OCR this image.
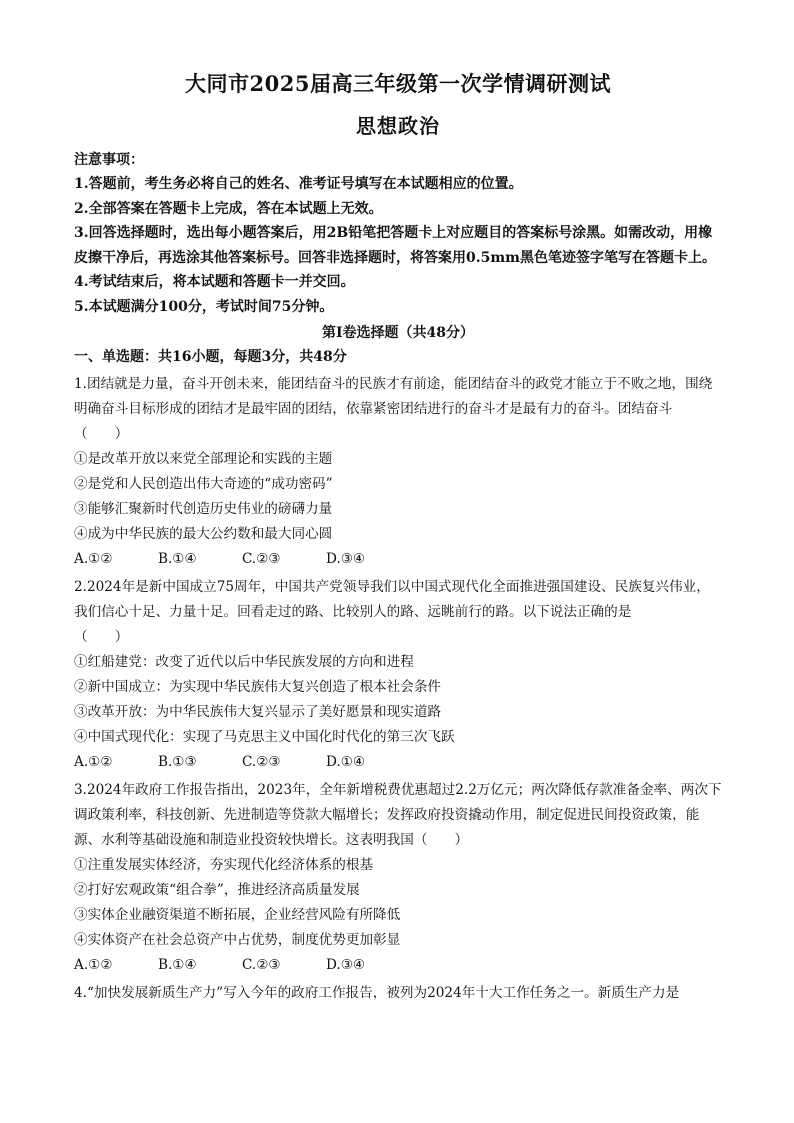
大同市2025届高三年级第一次学情调研测试
思想政治
注意事项：
1.答题前，考生务必将自己的姓名、准考证号填写在本试题相应的位置。
2.全部答案在答题卡上完成，答在本试题上无效。
3.回答选择题时，选出每小题答案后，用2B铅笔把答题卡上对应题目的答案标号涂黑。如需改动，用橡皮擦干净后，再选涂其他答案标号。回答非选择题时，将答案用0.5mm黑色笔迹签字笔写在答题卡上。
4.考试结束后，将本试题和答题卡一并交回。
5.本试题满分100分，考试时间75分钟。
第Ⅰ卷选择题（共48分）
一、单选题：共16小题，每题3分，共48分
1.团结就是力量，奋斗开创未来，能团结奋斗的民族才有前途，能团结奋斗的政党才能立于不败之地，围绕明确奋斗目标形成的团结才是最牢固的团结，依靠紧密团结进行的奋斗才是最有力的奋斗。团结奋斗
（　　）
①是改革开放以来党全部理论和实践的主题
②是党和人民创造出伟大奇迹的“成功密码”
③能够汇聚新时代创造历史伟业的磅礴力量
④成为中华民族的最大公约数和最大同心圆
A.①②	B.①④	C.②③	D.③④
2.2024年是新中国成立75周年，中国共产党领导我们以中国式现代化全面推进强国建设、民族复兴伟业，我们信心十足、力量十足。回看走过的路、比较别人的路、远眺前行的路。以下说法正确的是
（　　）
①红船建党：改变了近代以后中华民族发展的方向和进程
②新中国成立：为实现中华民族伟大复兴创造了根本社会条件
③改革开放：为中华民族伟大复兴显示了美好愿景和现实道路
④中国式现代化：实现了马克思主义中国化时代化的第三次飞跃
A.①②	B.①③	C.②③	D.①④
3.2024年政府工作报告指出，2023年，全年新增税费优惠超过2.2万亿元；两次降低存款准备金率、两次下调政策利率，科技创新、先进制造等贷款大幅增长；发挥政府投资撬动作用，制定促进民间投资政策，能源、水利等基础设施和制造业投资较快增长。这表明我国（　　）
①注重发展实体经济，夯实现代化经济体系的根基
②打好宏观政策“组合拳”，推进经济高质量发展
③实体企业融资渠道不断拓展，企业经营风险有所降低
④实体资产在社会总资产中占优势，制度优势更加彰显
A.①②	B.①④	C.②③	D.③④
4.“加快发展新质生产力”写入今年的政府工作报告，被列为2024年十大工作任务之一。新质生产力是
